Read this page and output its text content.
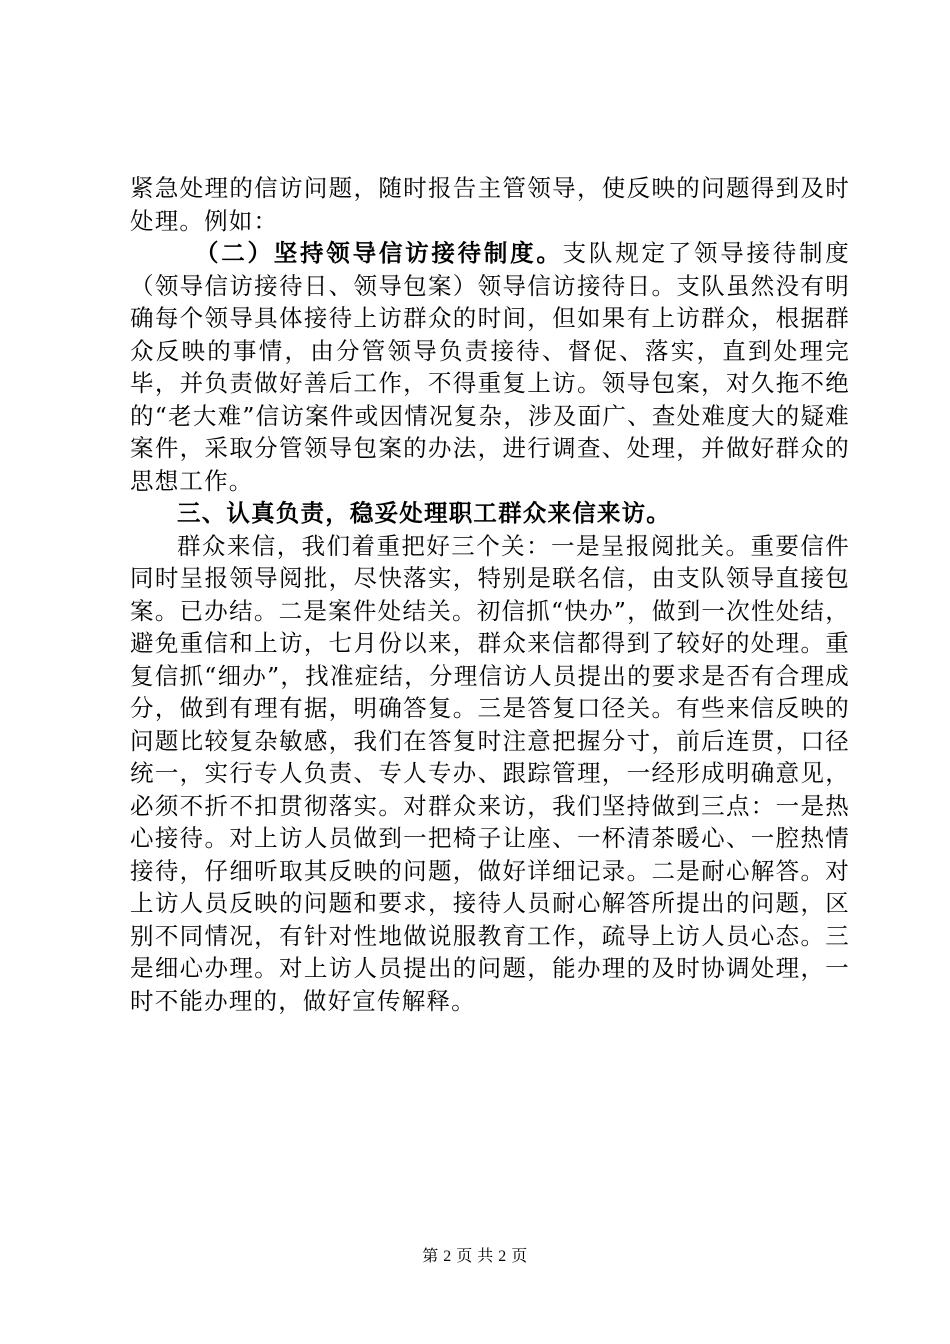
紧急处理的信访问题，随时报告主管领导，使反映的问题得到及时处理。例如：

（二）坚持领导信访接待制度。支队规定了领导接待制度（领导信访接待日、领导包案）领导信访接待日。支队虽然没有明确每个领导具体接待上访群众的时间，但如果有上访群众，根据群众反映的事情，由分管领导负责接待、督促、落实，直到处理完毕，并负责做好善后工作，不得重复上访。领导包案，对久拖不绝的“老大难”信访案件或因情况复杂，涉及面广、查处难度大的疑难案件，采取分管领导包案的办法，进行调查、处理，并做好群众的思想工作。

三、认真负责，稳妥处理职工群众来信来访。

群众来信，我们着重把好三个关：一是呈报阅批关。重要信件同时呈报领导阅批，尽快落实，特别是联名信，由支队领导直接包案。已办结。二是案件处结关。初信抓“快办”，做到一次性处结，避免重信和上访，七月份以来，群众来信都得到了较好的处理。重复信抓“细办”，找准症结，分理信访人员提出的要求是否有合理成分，做到有理有据，明确答复。三是答复口径关。有些来信反映的问题比较复杂敏感，我们在答复时注意把握分寸，前后连贯，口径统一，实行专人负责、专人专办、跟踪管理，一经形成明确意见，必须不折不扣贯彻落实。对群众来访，我们坚持做到三点：一是热心接待。对上访人员做到一把椅子让座、一杯清茶暖心、一腔热情接待，仔细听取其反映的问题，做好详细记录。二是耐心解答。对上访人员反映的问题和要求，接待人员耐心解答所提出的问题，区别不同情况，有针对性地做说服教育工作，疏导上访人员心态。三是细心办理。对上访人员提出的问题，能办理的及时协调处理，一时不能办理的，做好宣传解释。

第 2 页 共 2 页
